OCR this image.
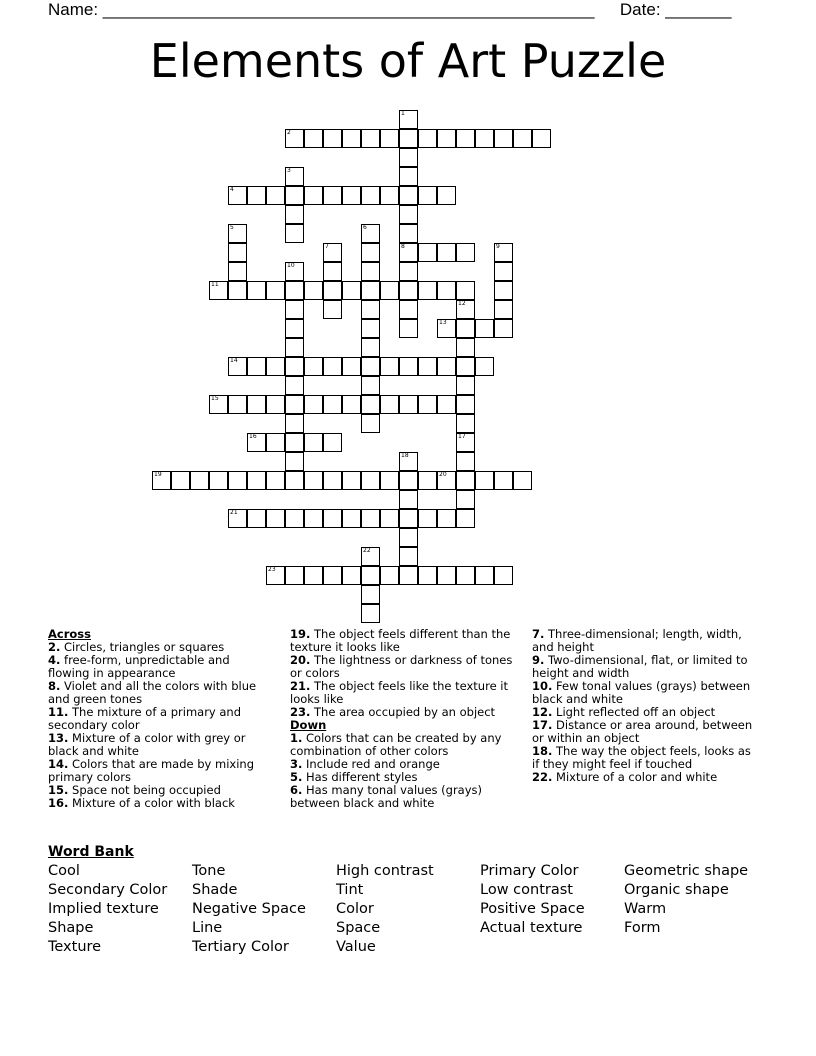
Name: ____________________________________________________ Date: _______
Elements of Art Puzzle
2
4
8
11
13
14
15
16
19	20
21
23
1
3
5	6
7	9
10
12
17
18
22
Across
2. Circles, triangles or squares
4. free-form, unpredictable and flowing in appearance
8. Violet and all the colors with blue and green tones
11. The mixture of a primary and secondary color
13. Mixture of a color with grey or black and white
14. Colors that are made by mixing primary colors
15. Space not being occupied
16. Mixture of a color with black
19. The object feels different than the texture it looks like
20. The lightness or darkness of tones or colors
21. The object feels like the texture it looks like
23. The area occupied by an object
Down
1. Colors that can be created by any combination of other colors
3. Include red and orange
5. Has different styles
6. Has many tonal values (grays) between black and white
7. Three-dimensional; length, width, and height
9. Two-dimensional, flat, or limited to height and width
10. Few tonal values (grays) between black and white
12. Light reflected off an object
17. Distance or area around, between or within an object
18. The way the object feels, looks as if they might feel if touched
22. Mixture of a color and white
Word Bank
Cool
Secondary Color
Implied texture
Shape
Texture
Tone
Shade
Negative Space
Line
Tertiary Color
High contrast
Tint
Color
Space
Value
Primary Color
Low contrast
Positive Space
Actual texture
Geometric shape
Organic shape
Warm
Form
